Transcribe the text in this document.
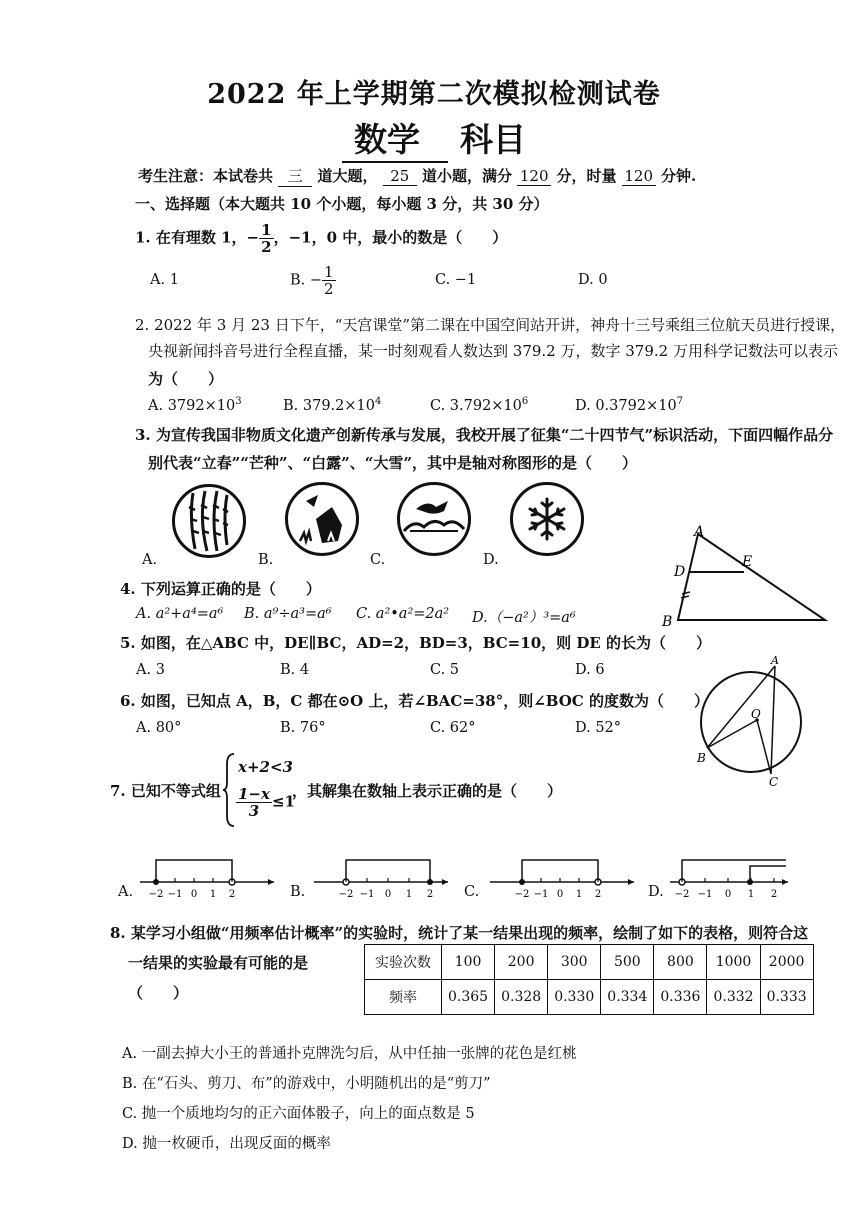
2022 年上学期第二次模拟检测试卷
数学 科目
考生注意：本试卷共 三 道大题， 25 道小题，满分 120 分，时量 120 分钟.
一、选择题（本大题共 10 个小题，每小题 3 分，共 30 分）
1. 在有理数 1，− $\frac{1}{2}$ ，−1，0 中，最小的数是（　　）
A. 1	B. − $\frac{1}{2}$	C. −1	D. 0
2. 2022 年 3 月 23 日下午，“天宫课堂”第二课在中国空间站开讲，神舟十三号乘组三位航天员进行授课，
央视新闻抖音号进行全程直播，某一时刻观看人数达到 379.2 万，数字 379.2 万用科学记数法可以表示
为（　　）
A. $3792\times 10^3$	B. $379.2\times 10^4$	C. $3.792\times 10^6$	D. $0.3792\times 10^7$
3. 为宣传我国非物质文化遗产创新传承与发展，我校开展了征集“二十四节气”标识活动，下面四幅作品分
别代表“立春”“芒种”、“白露”、“大雪”，其中是轴对称图形的是（　　）
A.	B.	C.	D.
A
D
E
B
4. 下列运算正确的是（　　）
A. a²+a⁴=a⁶ B. a⁹÷a³=a⁶ C. a²•a²=2a² D.（−a²）³=a⁶
5. 如图，在△ABC 中，DE∥BC，AD=2，BD=3，BC=10，则 DE 的长为（　　）
A. 3	B. 4	C. 5	D. 6
A
O
B
C
6. 如图，已知点 A，B，C 都在⊙O 上，若∠BAC=38°，则∠BOC 的度数为（　　）
A. 80°	B. 76°	C. 62°	D. 52°
7. 已知不等式组
x+2<3
$\frac{1-x}{3} \le 1$
，其解集在数轴上表示正确的是（　　）
A.	B.	C.	D.
−2 −1 0 1 2	−2 −1 0 1 2	−2 −1 0 1 2	−2 −1 0 1 2
8. 某学习小组做“用频率估计概率”的实验时，统计了某一结果出现的频率，绘制了如下的表格，则符合这
一结果的实验最有可能的是
（　　）
实验次数	100	200	300	500	800	1000	2000
频率	0.365	0.328	0.330	0.334	0.336	0.332	0.333
A. 一副去掉大小王的普通扑克牌洗匀后，从中任抽一张牌的花色是红桃
B. 在“石头、剪刀、布”的游戏中，小明随机出的是“剪刀”
C. 抛一个质地均匀的正六面体骰子，向上的面点数是 5
D. 抛一枚硬币，出现反面的概率
